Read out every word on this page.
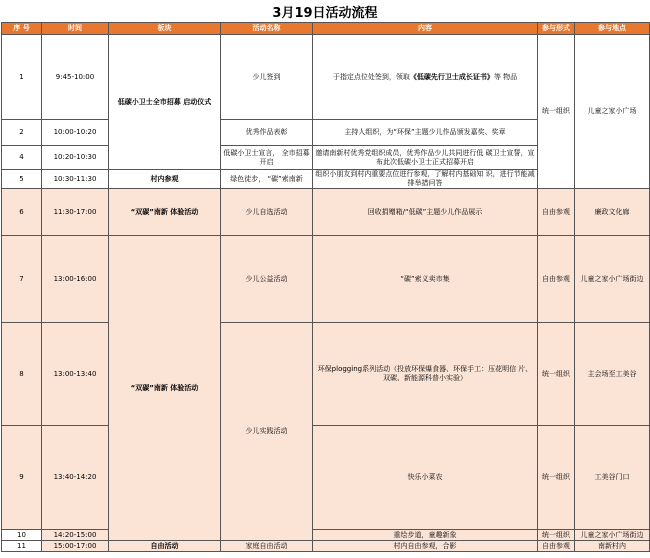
3月19日活动流程
序 号	时间	板块	活动名称	内容	参与形式	参与地点	
1	9:45-10:00	低碳小卫士全市招募 启动仪式	少儿签到	于指定点位处签到，领取《低碳先行卫士成长证书》等 物品	统一组织	儿童之家小广场	
2	10:00-10:20		优秀作品表彰	主持人组织，为“环保”主题少儿作品颁发嘉奖、奖章			
4	10:20-10:30		低碳小卫士宣言， 全市招募开启	邀请南新村优秀党组织成员，优秀作品少儿共同进行低 碳卫士宣誓，宣布此次低碳小卫士正式招募开启			
5	10:30-11:30	村内参观	绿色徒步， “碳”索南新	组织小朋友到村内重要点位进行参观，了解村内基础知 识，进行节能减排举措问答	
6	11:30-17:00	“双碳”南新 体验活动	少儿自选活动	回收捐赠箱/“低碳”主题少儿作品展示	自由参观	廉政文化廊	
7	13:00-16:00	“双碳”南新 体验活动	少儿公益活动	“碳”索义卖市集	自由参观	儿童之家小广场街边	
8	13:00-13:40		少儿实践活动	环保plogging系列活动（投放环保爆食器、环保手工：压花明信 片、双碳、新能源科普小实验）	统一组织	主会场至工美谷	
9	13:40-14:20			快乐小菜农	统一组织	工美谷门口	
10	14:20-15:00			重绘步道，童趣新象	统一组织	儿童之家小广场街边	
11	15:00-17:00	自由活动	家庭自由活动	村内自由参观，合影	自由参观	南新村内	
